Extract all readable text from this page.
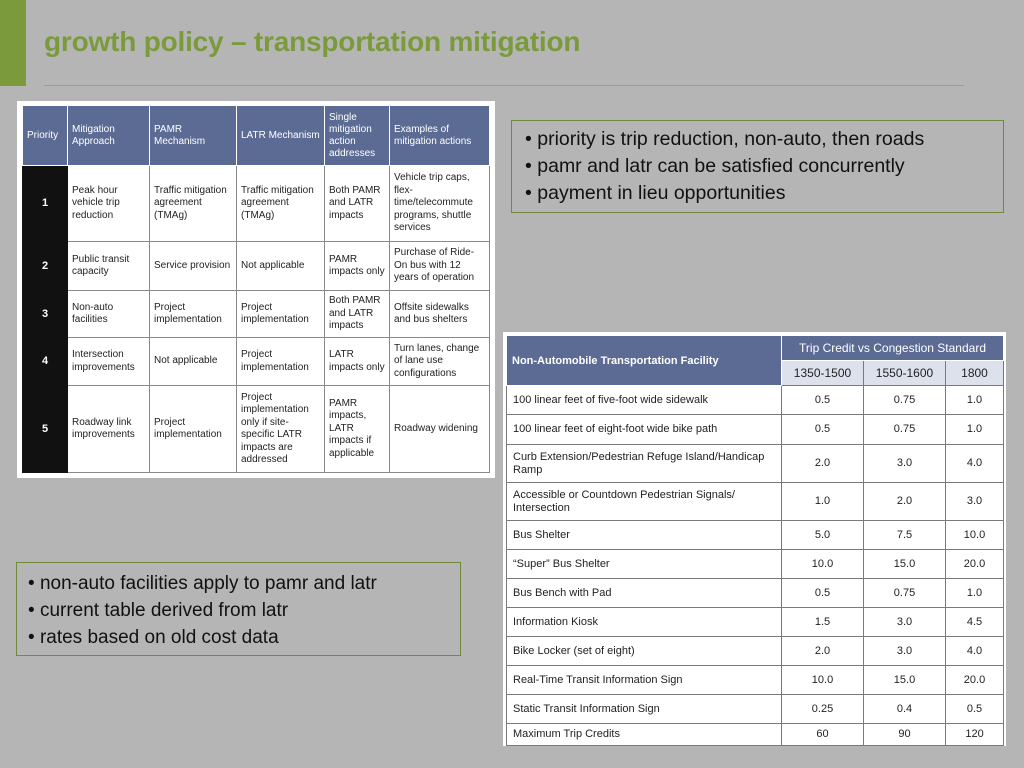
growth policy – transportation mitigation
Priority	Mitigation Approach	PAMR Mechanism	LATR Mechanism	Single mitigation action addresses	Examples of mitigation actions
1	Peak hour vehicle trip reduction	Traffic mitigation agreement (TMAg)	Traffic mitigation agreement (TMAg)	Both PAMR and LATR impacts	Vehicle trip caps, flex-time/telecommute programs, shuttle services
2	Public transit capacity	Service provision	Not applicable	PAMR impacts only	Purchase of Ride-On bus with 12 years of operation
3	Non-auto facilities	Project implementation	Project implementation	Both PAMR and LATR impacts	Offsite sidewalks and bus shelters
4	Intersection improvements	Not applicable	Project implementation	LATR impacts only	Turn lanes, change of lane use configurations
5	Roadway link improvements	Project implementation	Project implementation only if site-specific LATR impacts are addressed	PAMR impacts, LATR impacts if applicable	Roadway widening
• priority is trip reduction, non-auto, then roads
• pamr and latr can be satisfied concurrently
• payment in lieu opportunities
• non-auto facilities apply to pamr and latr
• current table derived from latr
• rates based on old cost data
Non-Automobile Transportation Facility	Trip Credit vs Congestion Standard		
	1350-1500	1550-1600	1800
100 linear feet of five-foot wide sidewalk	0.5	0.75	1.0
100 linear feet of eight-foot wide bike path	0.5	0.75	1.0
Curb Extension/Pedestrian Refuge Island/Handicap Ramp	2.0	3.0	4.0
Accessible or Countdown Pedestrian Signals/ Intersection	1.0	2.0	3.0
Bus Shelter	5.0	7.5	10.0
“Super” Bus Shelter	10.0	15.0	20.0
Bus Bench with Pad	0.5	0.75	1.0
Information Kiosk	1.5	3.0	4.5
Bike Locker (set of eight)	2.0	3.0	4.0
Real-Time Transit Information Sign	10.0	15.0	20.0
Static Transit Information Sign	0.25	0.4	0.5
Maximum Trip Credits	60	90	120
